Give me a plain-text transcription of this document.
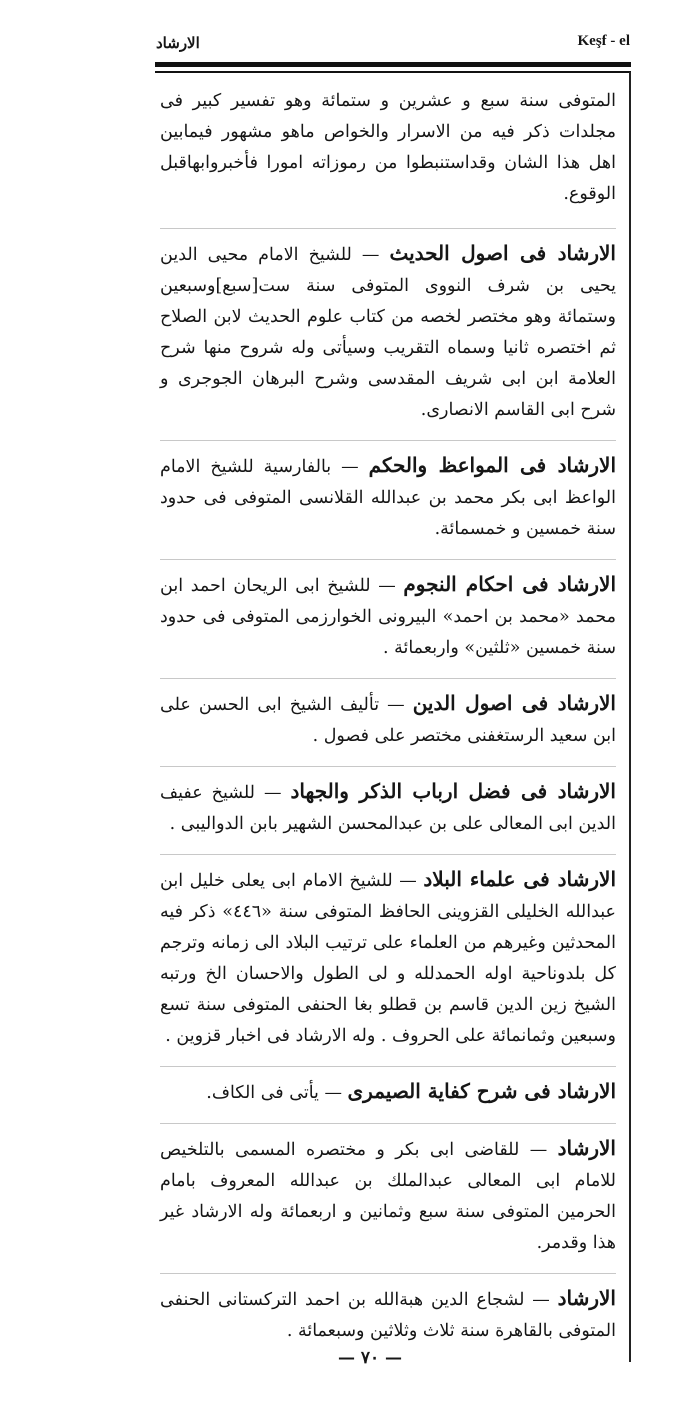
الارشاد	Keşf - el

المتوفى سنة سبع و عشرين و ستمائة وهو تفسير كبير فى مجلدات ذكر فيه من الاسرار والخواص ماهو مشهور فيمابين اهل هذا الشان وقداستنبطوا من رموزاته امورا فأخبروابهاقبل الوقوع.

الارشاد فى اصول الحديث — للشيخ الامام محيى الدين يحيى بن شرف النووى المتوفى سنة ست[سبع]وسبعين وستمائة وهو مختصر لخصه من كتاب علوم الحديث لابن الصلاح ثم اختصره ثانيا وسماه التقريب وسيأتى وله شروح منها شرح العلامة ابن ابى شريف المقدسى وشرح البرهان الجوجرى و شرح ابى القاسم الانصارى.

الارشاد فى المواعظ والحكم — بالفارسية للشيخ الامام الواعظ ابى بكر محمد بن عبدالله القلانسى المتوفى فى حدود سنة خمسين و خمسمائة.

الارشاد فى احكام النجوم — للشيخ ابى الريحان احمد ابن محمد «محمد بن احمد» البيرونى الخوارزمى المتوفى فى حدود سنة خمسين «ثلثين» واربعمائة .

الارشاد فى اصول الدين — تأليف الشيخ ابى الحسن على ابن سعيد الرستغفنى مختصر على فصول .

الارشاد فى فضل ارباب الذكر والجهاد — للشيخ عفيف الدين ابى المعالى على بن عبدالمحسن الشهير بابن الدواليبى .

الارشاد فى علماء البلاد — للشيخ الامام ابى يعلى خليل ابن عبدالله الخليلى القزوينى الحافظ المتوفى سنة «٤٤٦» ذكر فيه المحدثين وغيرهم من العلماء على ترتيب البلاد الى زمانه وترجم كل بلدوناحية اوله الحمدلله و لى الطول والاحسان الخ ورتبه الشيخ زين الدين قاسم بن قطلو بغا الحنفى المتوفى سنة تسع وسبعين وثمانمائة على الحروف . وله الارشاد فى اخبار قزوين .

الارشاد فى شرح كفاية الصيمرى — يأتى فى الكاف.

الارشاد — للقاضى ابى بكر و مختصره المسمى بالتلخيص للامام ابى المعالى عبدالملك بن عبدالله المعروف بامام الحرمين المتوفى سنة سبع وثمانين و اربعمائة وله الارشاد غير هذا وقدمر.

الارشاد — لشجاع الدين هبةالله بن احمد التركستانى الحنفى المتوفى بالقاهرة سنة ثلاث وثلاثين وسبعمائة .

— ٧٠ —
